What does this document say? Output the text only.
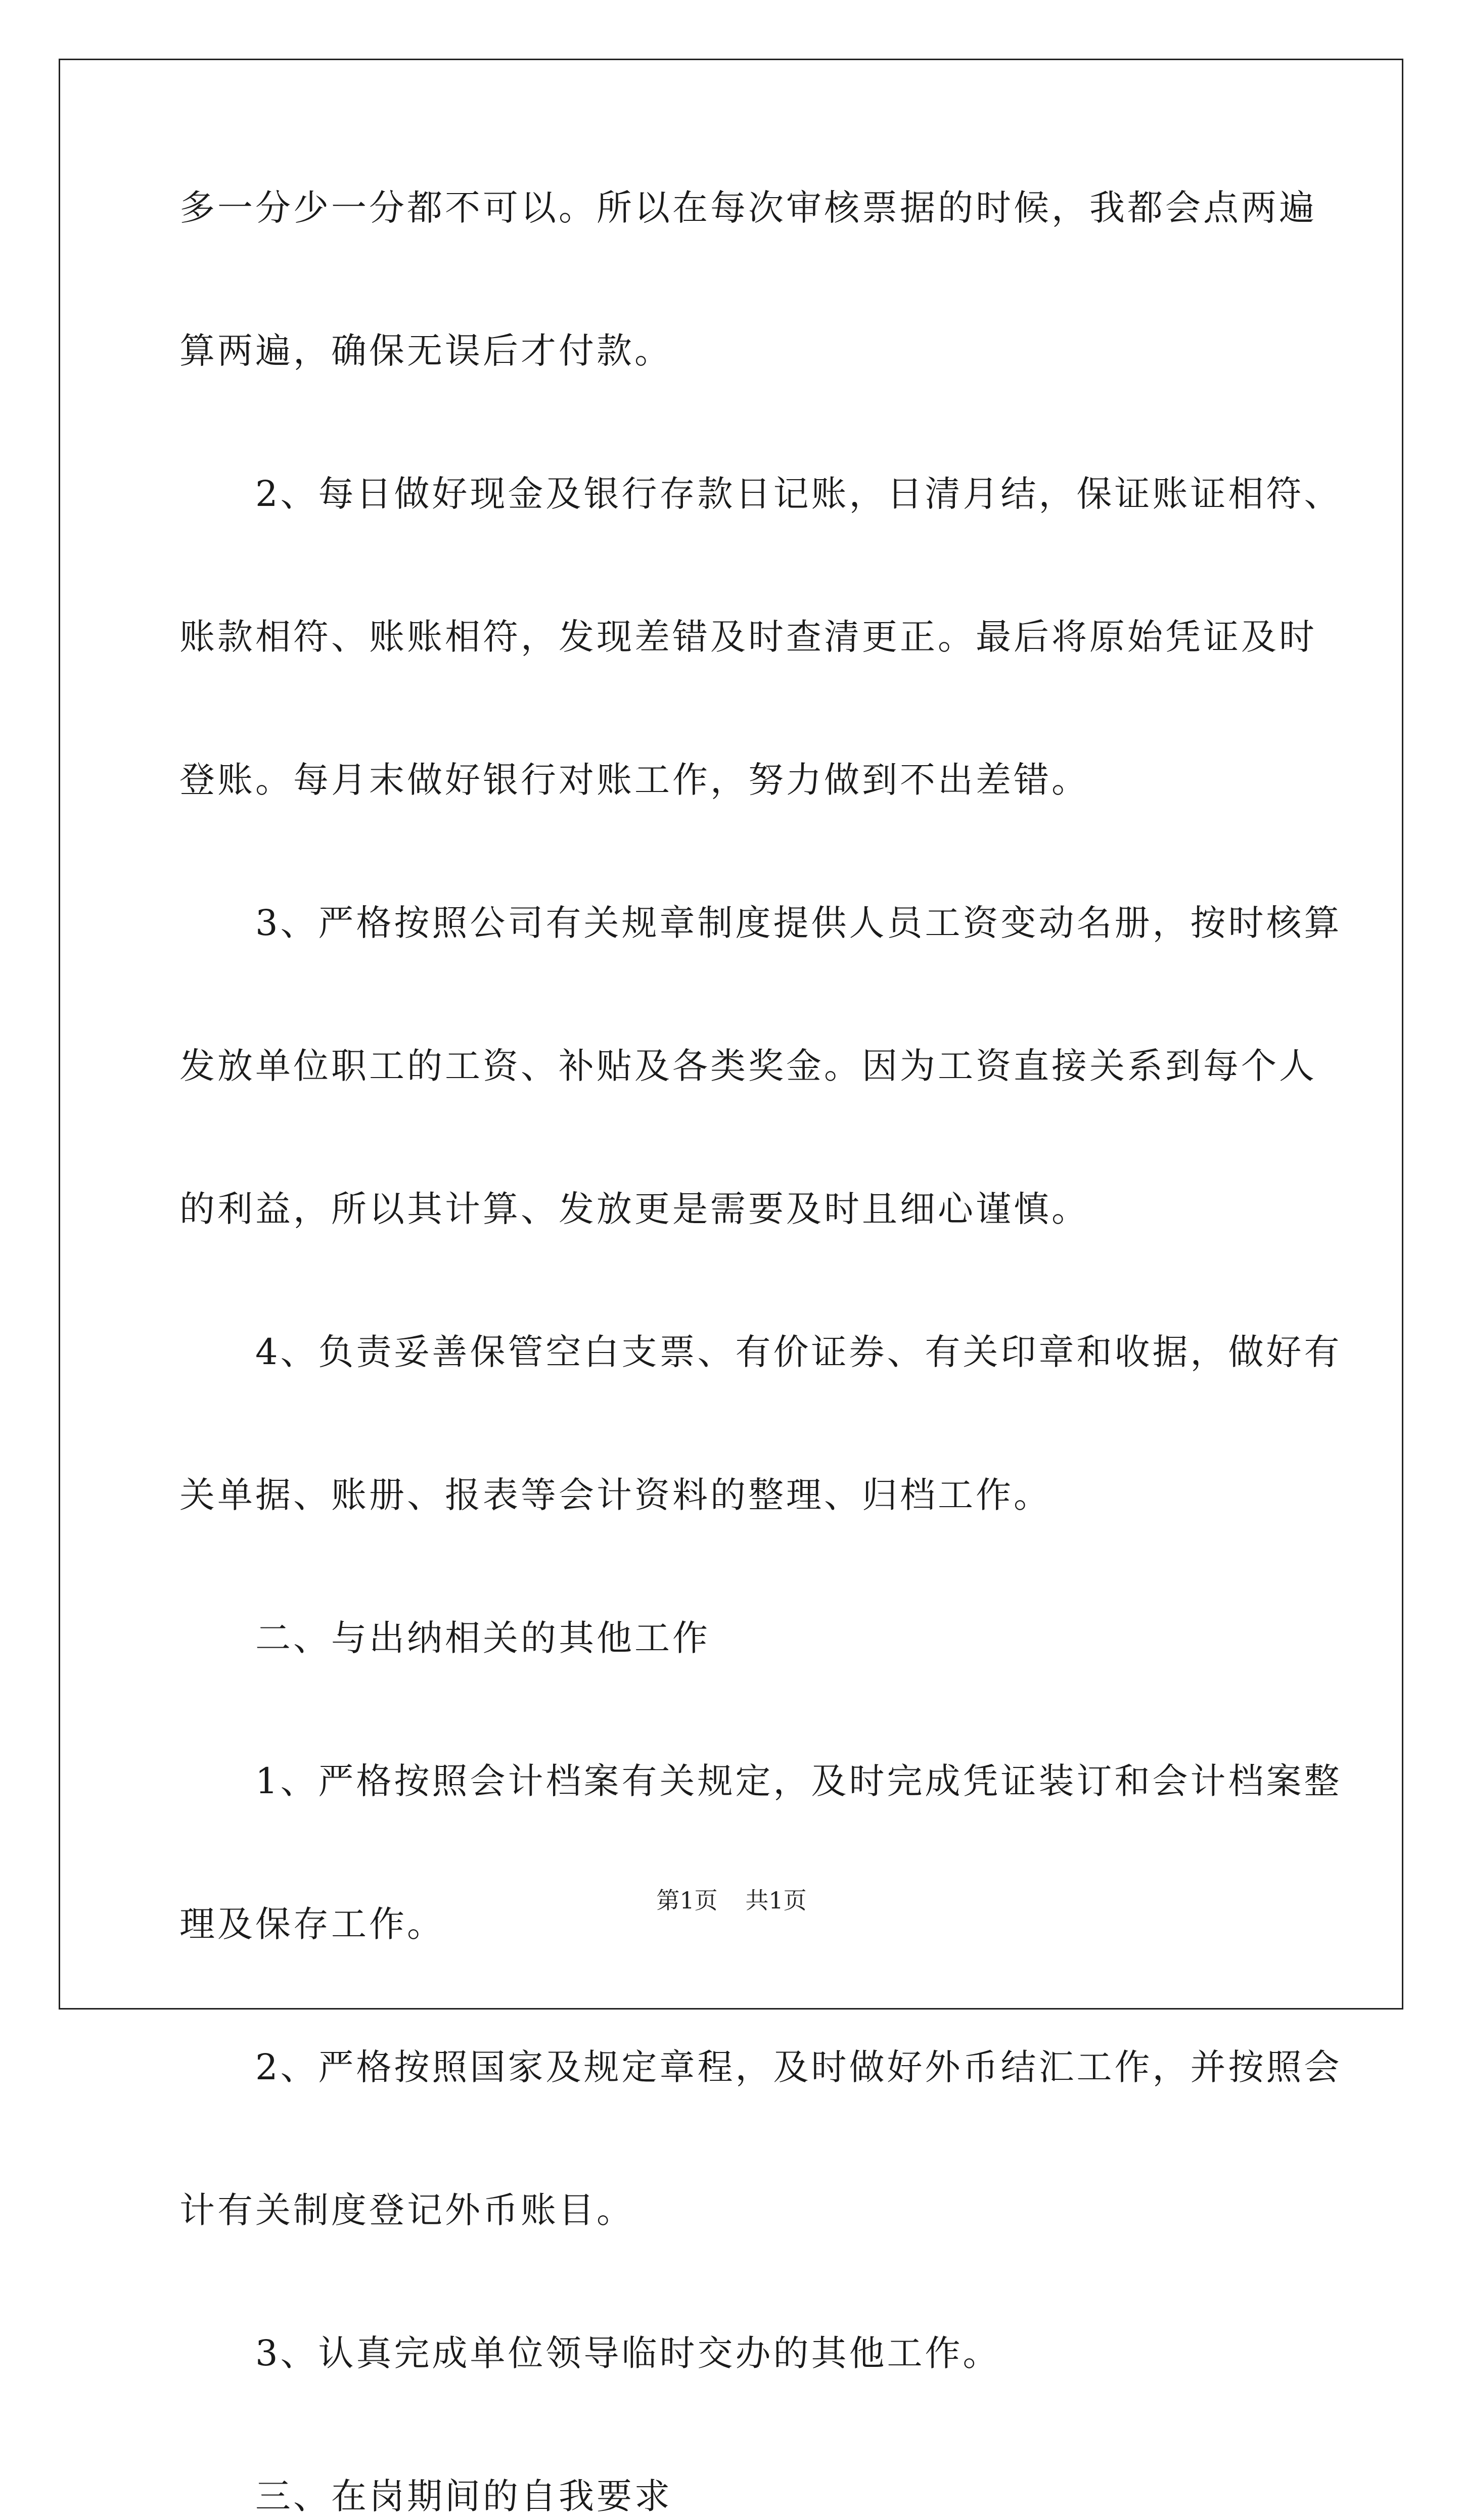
多一分少一分都不可以。所以在每次审核票据的时候，我都会点两遍
算两遍，确保无误后才付款。
　　2、每日做好现金及银行存款日记账，日清月结，保证账证相符、
账款相符、账账相符，发现差错及时查清更正。最后将原始凭证及时
登账。每月末做好银行对账工作，努力做到不出差错。
　　3、严格按照公司有关规章制度提供人员工资变动名册，按时核算
发放单位职工的工资、补贴及各类奖金。因为工资直接关系到每个人
的利益，所以其计算、发放更是需要及时且细心谨慎。
　　4、负责妥善保管空白支票、有价证券、有关印章和收据，做好有
关单据、账册、报表等会计资料的整理、归档工作。
　　二、与出纳相关的其他工作
　　1、严格按照会计档案有关规定，及时完成凭证装订和会计档案整
理及保存工作。
　　2、严格按照国家及规定章程，及时做好外币结汇工作，并按照会
计有关制度登记外币账目。
　　3、认真完成单位领导临时交办的其他工作。
　　三、在岗期间的自我要求
第1页 共1页
